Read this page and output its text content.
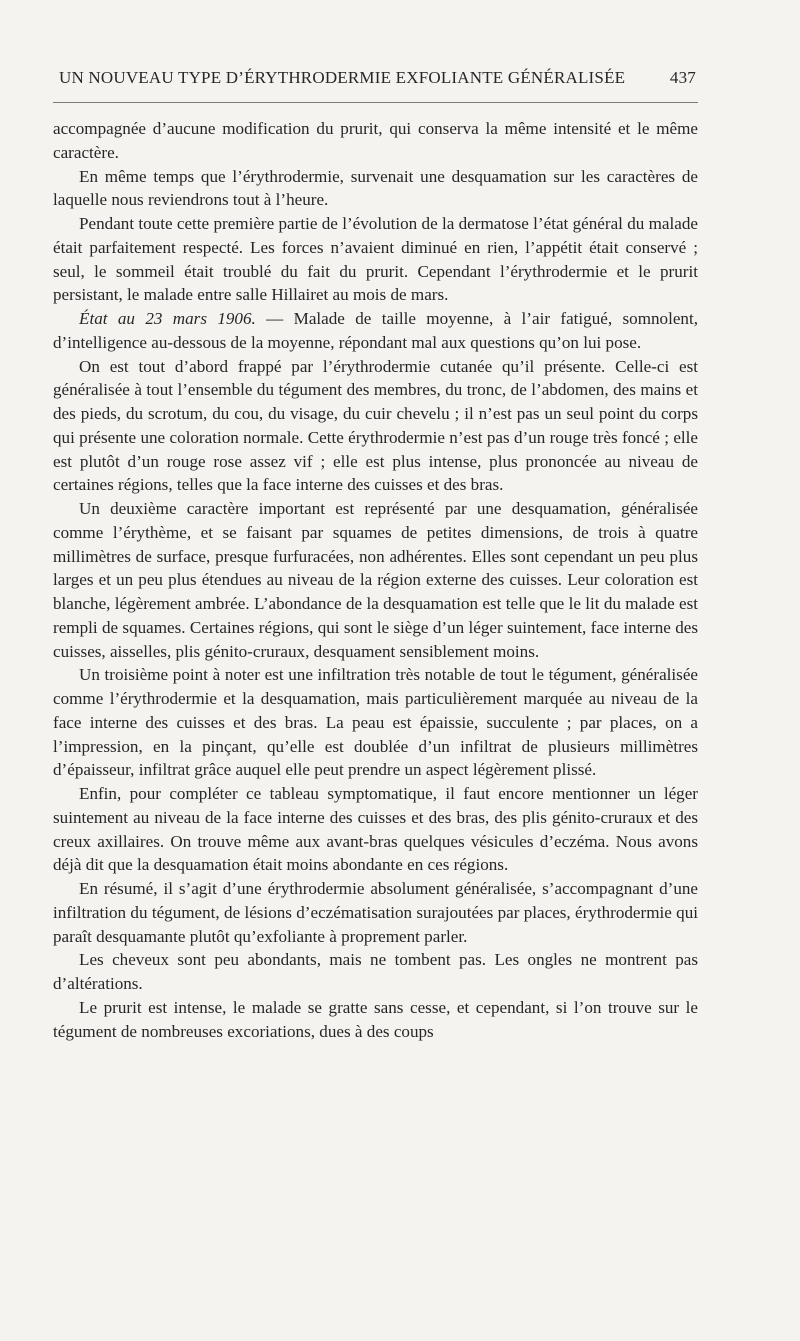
UN NOUVEAU TYPE D’ÉRYTHRODERMIE EXFOLIANTE GÉNÉRALISÉE	437

accompagnée d’aucune modification du prurit, qui conserva la même intensité et le même caractère.

En même temps que l’érythrodermie, survenait une desquamation sur les caractères de laquelle nous reviendrons tout à l’heure.

Pendant toute cette première partie de l’évolution de la dermatose l’état général du malade était parfaitement respecté. Les forces n’avaient diminué en rien, l’appétit était conservé ; seul, le sommeil était troublé du fait du prurit. Cependant l’érythrodermie et le prurit persistant, le malade entre salle Hillairet au mois de mars.

État au 23 mars 1906. — Malade de taille moyenne, à l’air fatigué, somnolent, d’intelligence au-dessous de la moyenne, répondant mal aux questions qu’on lui pose.

On est tout d’abord frappé par l’érythrodermie cutanée qu’il présente. Celle-ci est généralisée à tout l’ensemble du tégument des membres, du tronc, de l’abdomen, des mains et des pieds, du scrotum, du cou, du visage, du cuir chevelu ; il n’est pas un seul point du corps qui présente une coloration normale. Cette érythrodermie n’est pas d’un rouge très foncé ; elle est plutôt d’un rouge rose assez vif ; elle est plus intense, plus prononcée au niveau de certaines régions, telles que la face interne des cuisses et des bras.

Un deuxième caractère important est représenté par une desquamation, généralisée comme l’érythème, et se faisant par squames de petites dimensions, de trois à quatre millimètres de surface, presque furfuracées, non adhérentes. Elles sont cependant un peu plus larges et un peu plus étendues au niveau de la région externe des cuisses. Leur coloration est blanche, légèrement ambrée. L’abondance de la desquamation est telle que le lit du malade est rempli de squames. Certaines régions, qui sont le siège d’un léger suintement, face interne des cuisses, aisselles, plis génito-cruraux, desquament sensiblement moins.

Un troisième point à noter est une infiltration très notable de tout le tégument, généralisée comme l’érythrodermie et la desquamation, mais particulièrement marquée au niveau de la face interne des cuisses et des bras. La peau est épaissie, succulente ; par places, on a l’impression, en la pinçant, qu’elle est doublée d’un infiltrat de plusieurs millimètres d’épaisseur, infiltrat grâce auquel elle peut prendre un aspect légèrement plissé.

Enfin, pour compléter ce tableau symptomatique, il faut encore mentionner un léger suintement au niveau de la face interne des cuisses et des bras, des plis génito-cruraux et des creux axillaires. On trouve même aux avant-bras quelques vésicules d’eczéma. Nous avons déjà dit que la desquamation était moins abondante en ces régions.

En résumé, il s’agit d’une érythrodermie absolument généralisée, s’accompagnant d’une infiltration du tégument, de lésions d’eczématisation surajoutées par places, érythrodermie qui paraît desquamante plutôt qu’exfoliante à proprement parler.

Les cheveux sont peu abondants, mais ne tombent pas. Les ongles ne montrent pas d’altérations.

Le prurit est intense, le malade se gratte sans cesse, et cependant, si l’on trouve sur le tégument de nombreuses excoriations, dues à des coups
